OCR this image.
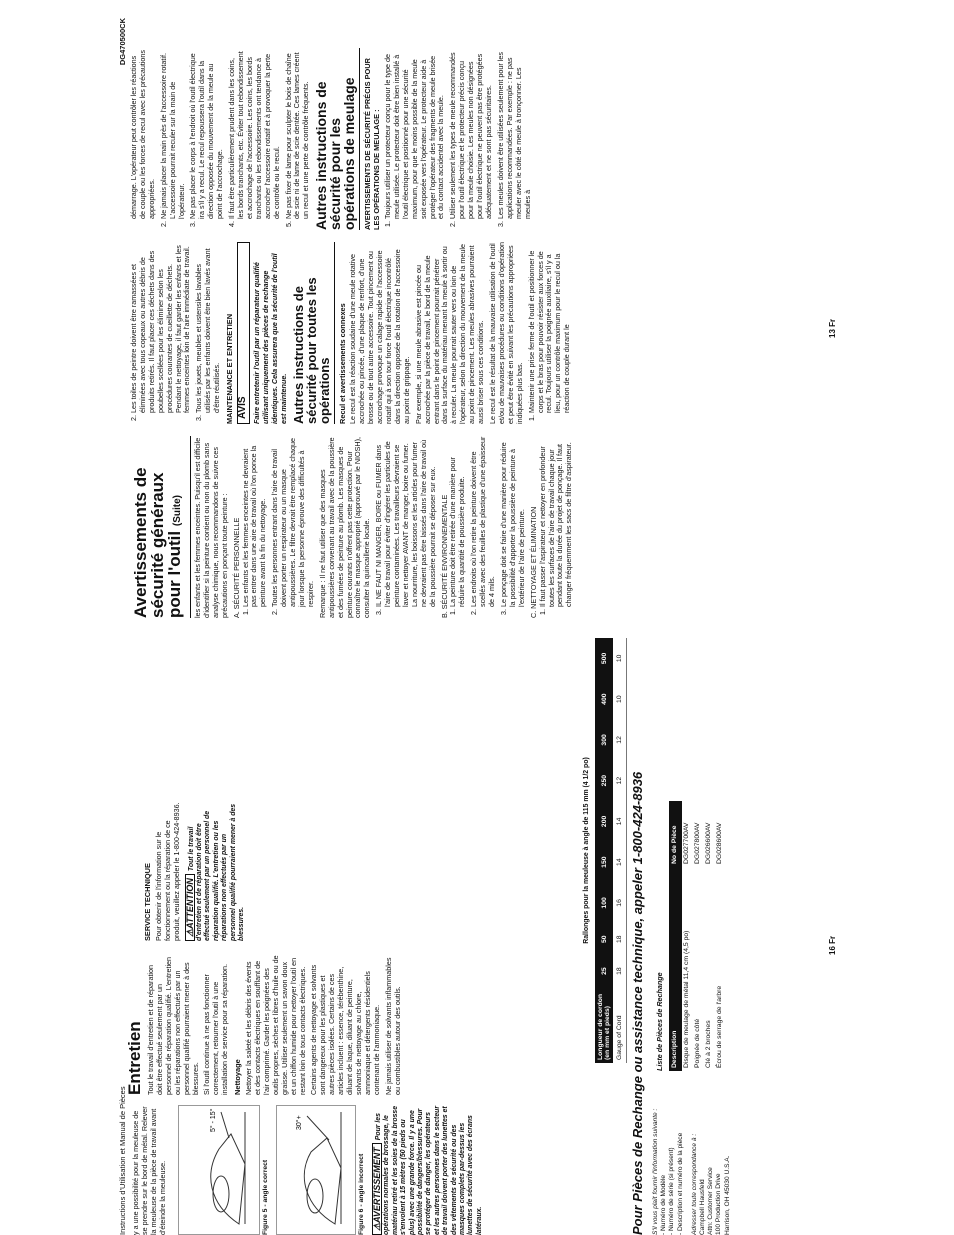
Instructions d'Utilisation et Manual de Pièces y a une possibilité pour la meuleuse de se prendre sur le bord de métal. Relever la meuleuse de la pièce de travail avant d'éteindre la meuleuse.

5° - 15°
Figure 5 - angle correct
30°+
Figure 6 - angle incorrect ⚠AVERTISSEMENTPour les opérations normales de brossage, le matériau retiré et les soies de la brosse s'envolent à 15 mètres (50 pieds ou plus) avec une grande force. Il y a une possibilité de dangers/blessures. Pour se protéger de danger, les opérateurs et les autres personnes dans le secteur de travail doivent porter des lunettes et des vêtements de sécurité ou des masques complets par-dessus les lunettes de sécurité avec des écrans latéraux.
Entretien Tout le travail d'entretien et de réparation doit être effectué seulement par un personnel de réparation qualifié. L'entretien ou les réparations non effectués par un personnel qualifié pourraient mener à des blessures. Si l'outil continue à ne pas fonctionner correctement, retourner l'outil à une installation de service pour sa réparation. Nettoyage Nettoyer la saleté et les débris des évents et des contacts électriques en soufflant de l'air comprimé. Garder les poignées des outils propres, sèches et libres d'huile ou de graisse. Utiliser seulement un savon doux et un chiffon humide pour nettoyer l'outil en restant loin de tous contacts électriques. Certains agents de nettoyage et solvants sont dangereux pour les plastiques et autres pièces isolées. Certains de ces articles incluent : essence, térébenthine, diluant de laque, diluant de peinture, solvants de nettoyage au chlore, ammoniaque et détergents résidentiels contenant de l'ammoniaque. Ne jamais utiliser de solvants inflammables ou combustibles autour des outils.

SERVICE TECHNIQUE Pour obtenir de l'information sur le fonctionnement ou la réparation de ce produit, veuillez appeler le 1-800-424-8936. ⚠ATTENTIONTout le travail d'entretien et de réparation doit être effectué seulement par un personnel de réparation qualifié. L'entretien ou les réparations non effectués par un personnel qualifié pourraient mener à des blessures.	Rallonges pour la meuleuse à angle de 115 mm (4 1/2 po)
Longueur de cordon (en mm et pieds)	25	50	100	150	200	250	300	400	500
Gauge of Cord	18	18	16	14	14	12	12	10	10
Pour Pièces de Rechange ou assistance technique, appeler 1-800-424-8936 S'il vous plaît fournir l'information suivante : - Numéro de Modèle - Numéro de série (si présent) - Description et numéro de la pièce Adresser toute correspondance à : Campbell Hausfeld Attn: Customer Service 100 Production Drive Harrison, OH 45030 U.S.A.
Liste de Pièces de Rechange Description	No de Pièce
Disque de meulage de métal 11,4 cm (4,5 po)	DG027700AV
Poignée de côté	DG027800AV
Clé à 2 broches	DG026600AV
Écrou de serrage de l'arbre	DG028600AV
16 Fr
DG470500CK
Avertissements de sécurité généraux pour l'outil (Suite)	les enfants et les femmes enceintes. Puisqu'il est difficile d'identifier si la peinture contient ou non du plomb sans analyse chimique, nous recommandons de suivre ces précautions en ponçant toute peinture : A. SÉCURITÉ PERSONNELLE 1. Les enfants et les femmes enceintes ne devraient pas entrer dans une aire de travail où l'on ponce la peinture avant la fin du nettoyage. 2. Toutes les personnes entrant dans l'aire de travail doivent porter un respirateur ou un masque antipoussières. Le filtre devrait être remplacé chaque jour lorsque la personne éprouve des difficultés à respirer. Remarque : Il ne faut utiliser que des masques antipoussières convenant au travail avec de la poussière et des fumées de peinture au plomb. Les masques de peinture courants n'offrent pas cette protection. Pour connaître le masque approprié (approuvé par le NIOSH), consulter la quincaillerie locale. 3. IL NE FAUT NI MANGER, BOIRE ou FUMER dans l'aire de travail pour éviter d'ingérer les particules de peinture contaminées. Les travailleurs devraient se laver et nettoyer AVANT de manger, boire ou fumer. La nourriture, les boissons et les articles pour fumer ne devraient pas être laissés dans l'aire de travail où de la poussière pourrait se déposer sur eux. B. SÉCURITÉ ENVIRONNEMENTALE 1. La peinture doit être retirée d'une manière pour réduire la quantité de poussière produite. 2. Les endroits où l'on retire la peinture doivent être scellés avec des feuilles de plastique d'une épaisseur de 4 mils. 3. Le ponçage doit se faire d'une manière pour réduire la possibilité d'apporter la poussière de peinture à l'extérieur de l'aire de peinture. C. NETTOYAGE ET ÉLIMINATION 1. Il faut passer l'aspirateur et nettoyer en profondeur toutes les surfaces de l'aire de travail chaque jour pendant toute la durée du projet de ponçage. Il faut changer fréquemment les sacs de filtre d'aspirateur.
2. Les toiles de peintre doivent être ramassées et éliminées avec tous copeaux ou autres débris de produits retirés. Il faut placer ces déchets dans des poubelles scellées pour les éliminer selon les procédures courantes de cueillette de déchets. Pendant le nettoyage, il faut garder les enfants et les femmes enceintes loin de l'aire immédiate de travail. 3. Tous les jouets, meubles et ustensiles lavables utilisés par les enfants doivent être bien lavés avant d'être réutilisés. MAINTENANCE ET ENTRETIEN AVIS Faire entretenir l'outil par un réparateur qualifié utilisant uniquement des pièces de rechange identiques. Cela assurera que la sécurité de l'outil est maintenue. Autres instructions de sécurité pour toutes les opérations Recul et avertissements connexes Le recul est la réaction soudaine d'une meule rotative accrochée ou pincée, d'une plaque de renfort, d'une brosse ou de tout autre accessoire. Tout pincement ou accrochage provoque un calage rapide de l'accessoire rotatif qui à son tour force l'outil électrique incontrôlé dans la direction opposée de la rotation de l'accessoire au point de grippage. Par exemple, si une meule abrasive est pincée ou accrochée par la pièce de travail, le bord de la meule entrant dans le point de pincement pourrait pénétrer dans la surface du matériau menant la meule à sortir ou à reculer. La meule pourrait sauter vers ou loin de l'opérateur, selon la direction du mouvement de la meule au point de pincement. Les meules abrasives pourraient aussi briser sous ces conditions. Le recul est le résultat de la mauvaise utilisation de l'outil et/ou de mauvaises procédures ou conditions d'opération et peut être évité en suivant les précautions appropriées indiquées plus bas. 1. Maintenir une prise ferme de l'outil et positionner le corps et le bras pour pouvoir résister aux forces de recul. Toujours utiliser la poignée auxiliaire, s'il y a lieu, pour un contrôle maximum pour le recul ou la réaction de couple durant le

démarrage. L'opérateur peut contrôler les réactions de couple ou les forces de recul avec les précautions appropriées. 2. Ne jamais placer la main près de l'accessoire rotatif. L'accessoire pourrait reculer sur la main de l'opérateur. 3. Ne pas placer le corps à l'endroit où l'outil électrique ira s'il y a recul. Le recul repoussera l'outil dans la direction opposée du mouvement de la meule au point de l'accrochage. 4. Il faut être particulièrement prudent dans les coins, les bords tranchants, etc. Éviter tout rebondissement et accrochage de l'accessoire. Les coins, les bords tranchants ou les rebondissements ont tendance à accrocher l'accessoire rotatif et à provoquer la perte de contrôle ou le recul. 5. Ne pas fixer de lame pour sculpter le bois de chaîne de scie ni de lame de scie dentée. Ces lames créent un recul et une perte de contrôle fréquents. Autres instructions de sécurité pour les opérations de meulage AVERTISSEMENTS DE SÉCURITÉ PRÉCIS POUR LES OPÉRATIONS DE MEULAGE : 1. Toujours utiliser un protecteur conçu pour le type de meule utilisée. Le protecteur doit être bien installé à l'outil électrique et positionné pour une sécurité maximum, pour que le moins possible de la meule soit exposée vers l'opérateur. Le protecteur aide à protéger l'opérateur des fragments de meule brisée et du contact accidentel avec la meule. 2. Utiliser seulement les types de meule recommandés pour l'outil électrique et le protecteur précis conçu pour la meule choisie. Les meules non désignées pour l'outil électrique ne peuvent pas être protégées adéquatement et ne sont pas sécuritaires. 3. Les meules doivent être utilisées seulement pour les applications recommandées. Par exemple : ne pas meuler avec le côté de meule à tronçonner. Les meules à
13 Fr
